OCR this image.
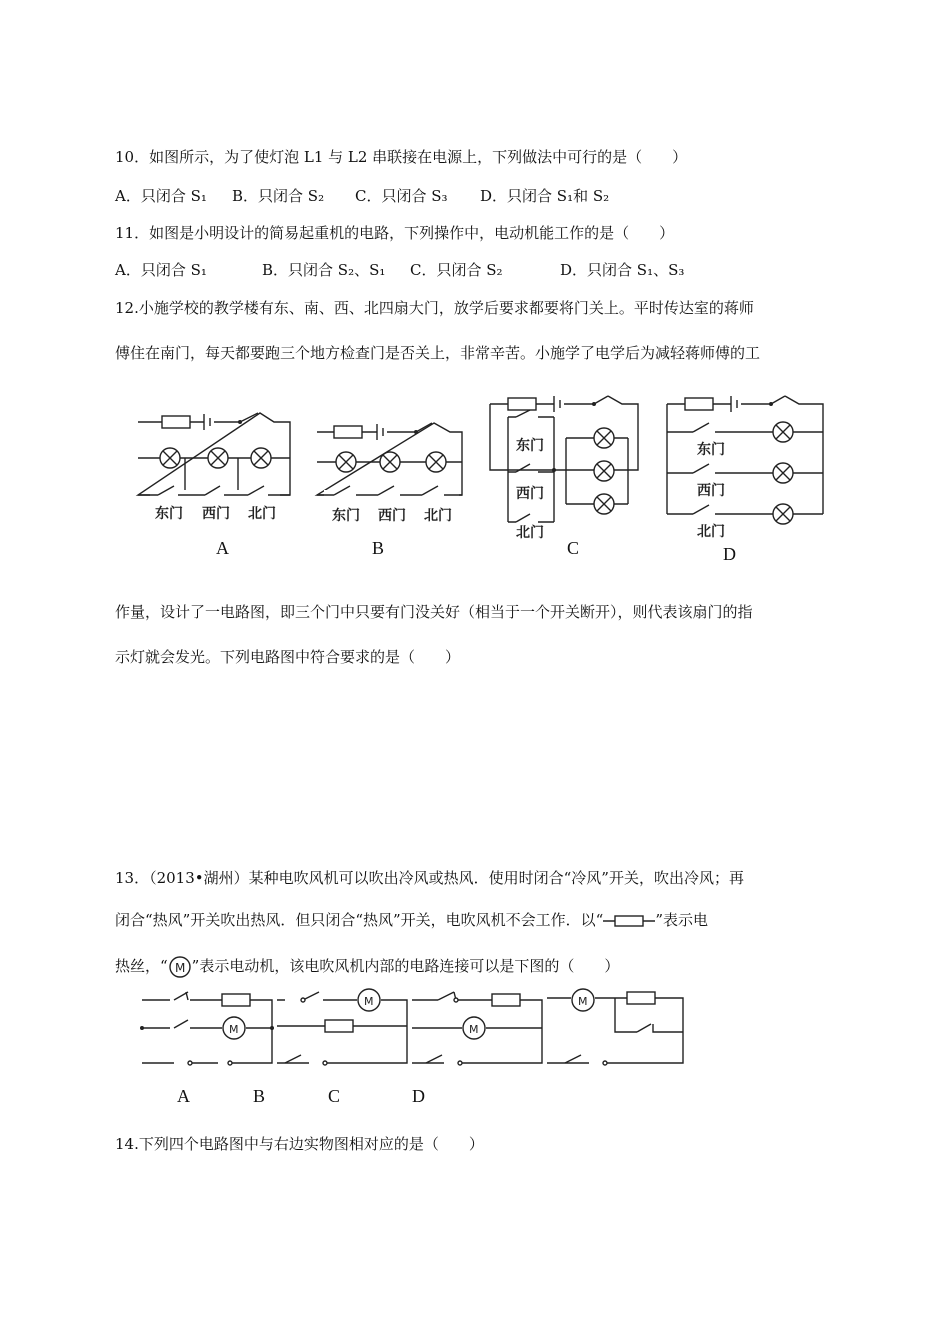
10．如图所示，为了使灯泡 L1 与 L2 串联接在电源上，下列做法中可行的是（　　）
A．只闭合 S₁ B．只闭合 S₂ C．只闭合 S₃ D．只闭合 S₁和 S₂
11．如图是小明设计的简易起重机的电路，下列操作中，电动机能工作的是（　　）
A．只闭合 S₁	B．只闭合 S₂、S₁ C．只闭合 S₂	D．只闭合 S₁、S₃
12.小施学校的教学楼有东、南、西、北四扇大门，放学后要求都要将门关上。平时传达室的蒋师
傅住在南门，每天都要跑三个地方检查门是否关上，非常辛苦。小施学了电学后为减轻蒋师傅的工
东门 西门 北门
A
东门 西门 北门
B
东门
西门
北门
C
东门
西门
北门
D
作量，设计了一电路图，即三个门中只要有门没关好（相当于一个开关断开），则代表该扇门的指
示灯就会发光。下列电路图中符合要求的是（　　）
13．（2013•湖州）某种电吹风机可以吹出冷风或热风．使用时闭合“冷风”开关，吹出冷风；再
闭合“热风”开关吹出热风．但只闭合“热风”开关，电吹风机不会工作．以“	”表示电
热丝，“ M ”表示电动机，该电吹风机内部的电路连接可以是下图的（　　）
M
M
M
M
A	B	C	D
14.下列四个电路图中与右边实物图相对应的是（　　）
